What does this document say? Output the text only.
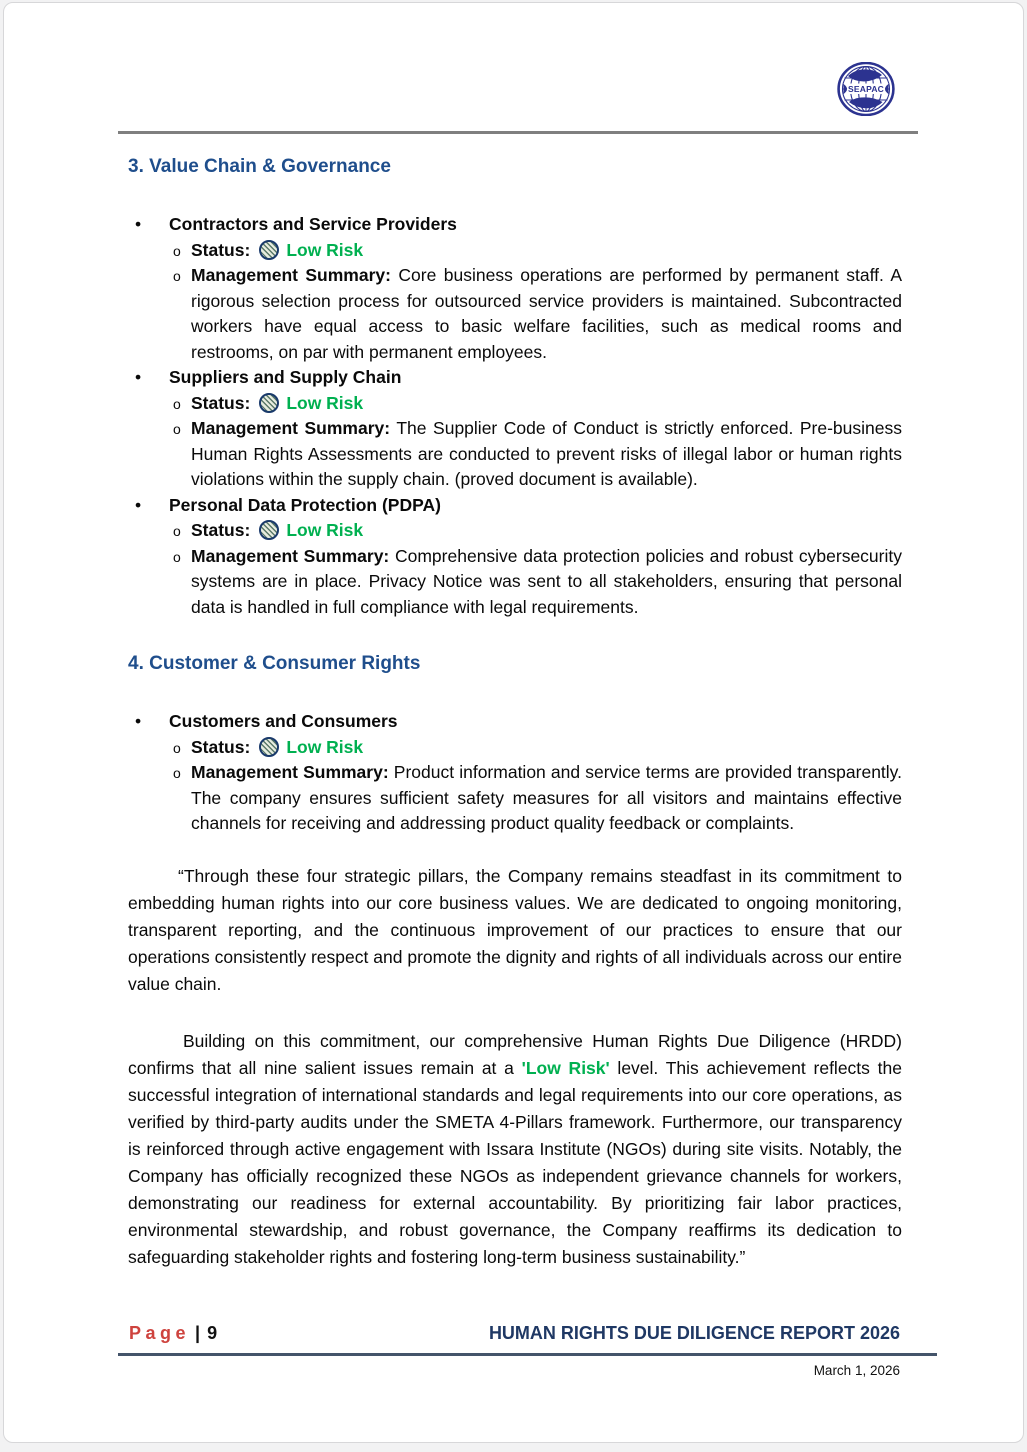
SEAPAC
3. Value Chain & Governance
• Contractors and Service Providers
o Status: Low Risk
o Management Summary: Core business operations are performed by permanent staff. A rigorous selection process for outsourced service providers is maintained. Subcontracted workers have equal access to basic welfare facilities, such as medical rooms and restrooms, on par with permanent employees.
• Suppliers and Supply Chain
o Status: Low Risk
o Management Summary: The Supplier Code of Conduct is strictly enforced. Pre-business Human Rights Assessments are conducted to prevent risks of illegal labor or human rights violations within the supply chain. (proved document is available).
• Personal Data Protection (PDPA)
o Status: Low Risk
o Management Summary: Comprehensive data protection policies and robust cybersecurity systems are in place. Privacy Notice was sent to all stakeholders, ensuring that personal data is handled in full compliance with legal requirements.
4. Customer & Consumer Rights
• Customers and Consumers
o Status: Low Risk
o Management Summary: Product information and service terms are provided transparently. The company ensures sufficient safety measures for all visitors and maintains effective channels for receiving and addressing product quality feedback or complaints.

“Through these four strategic pillars, the Company remains steadfast in its commitment to embedding human rights into our core business values. We are dedicated to ongoing monitoring, transparent reporting, and the continuous improvement of our practices to ensure that our operations consistently respect and promote the dignity and rights of all individuals across our entire value chain.

Building on this commitment, our comprehensive Human Rights Due Diligence (HRDD) confirms that all nine salient issues remain at a 'Low Risk' level. This achievement reflects the successful integration of international standards and legal requirements into our core operations, as verified by third-party audits under the SMETA 4-Pillars framework. Furthermore, our transparency is reinforced through active engagement with Issara Institute (NGOs) during site visits. Notably, the Company has officially recognized these NGOs as independent grievance channels for workers, demonstrating our readiness for external accountability. By prioritizing fair labor practices, environmental stewardship, and robust governance, the Company reaffirms its dedication to safeguarding stakeholder rights and fostering long-term business sustainability.”

Page | 9	HUMAN RIGHTS DUE DILIGENCE REPORT 2026
March 1, 2026
